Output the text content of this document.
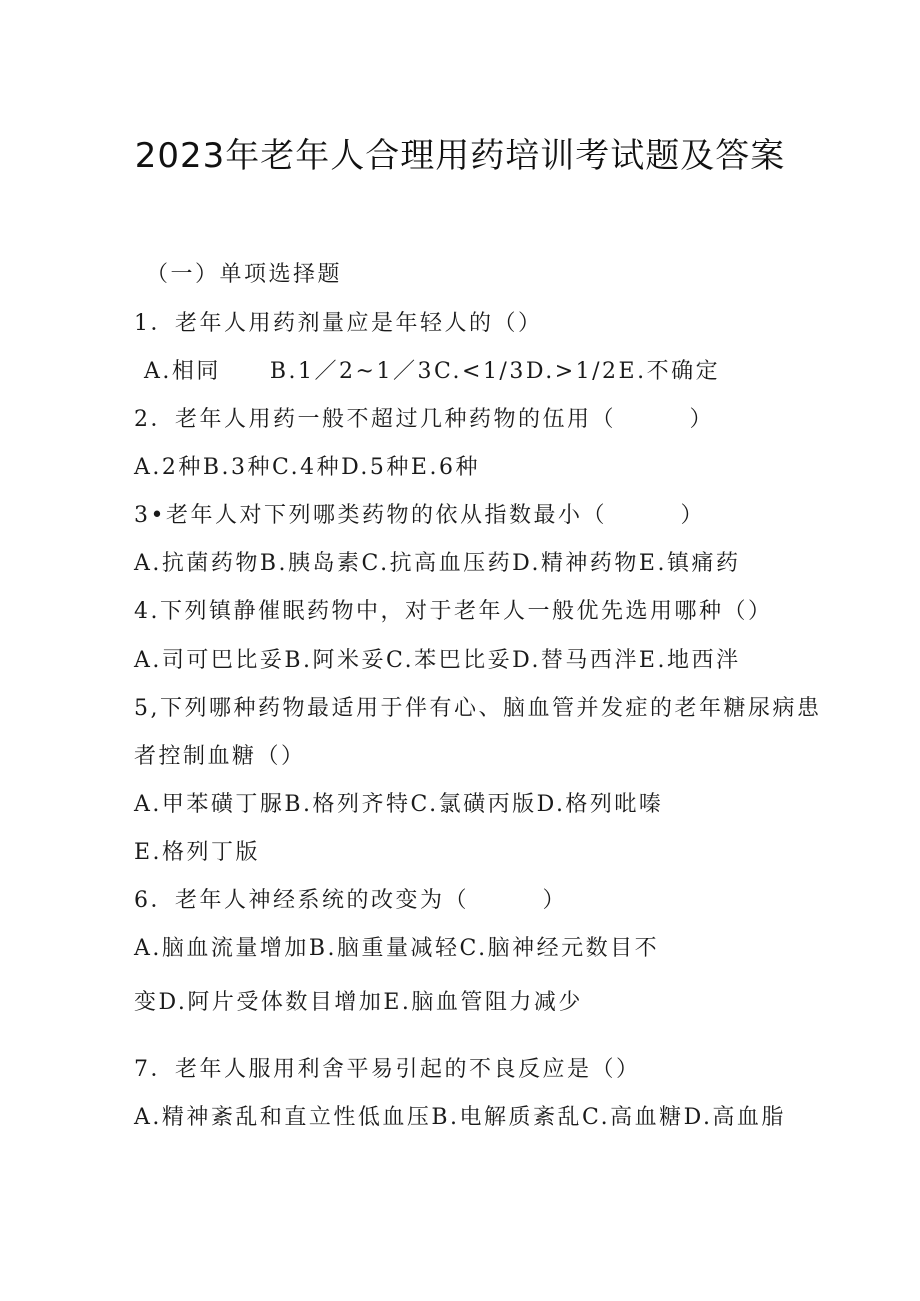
2023年老年人合理用药培训考试题及答案
（一）单项选择题
1．老年人用药剂量应是年轻人的（）
A.相同　　B.1／2~1／3C.<1/3D.>1/2E.不确定
2．老年人用药一般不超过几种药物的伍用（　　　）
A.2种B.3种C.4种D.5种E.6种
3•老年人对下列哪类药物的依从指数最小（　　　）
A.抗菌药物B.胰岛素C.抗高血压药D.精神药物E.镇痛药
4.下列镇静催眠药物中，对于老年人一般优先选用哪种（）
A.司可巴比妥B.阿米妥C.苯巴比妥D.替马西泮E.地西泮
5,下列哪种药物最适用于伴有心、脑血管并发症的老年糖尿病患
者控制血糖（）
A.甲苯磺丁脲B.格列齐特C.氯磺丙版D.格列吡嗪
E.格列丁版
6．老年人神经系统的改变为（　　　）
A.脑血流量增加B.脑重量减轻C.脑神经元数目不
变D.阿片受体数目增加E.脑血管阻力减少
7．老年人服用利舍平易引起的不良反应是（）
A.精神紊乱和直立性低血压B.电解质紊乱C.高血糖D.高血脂
